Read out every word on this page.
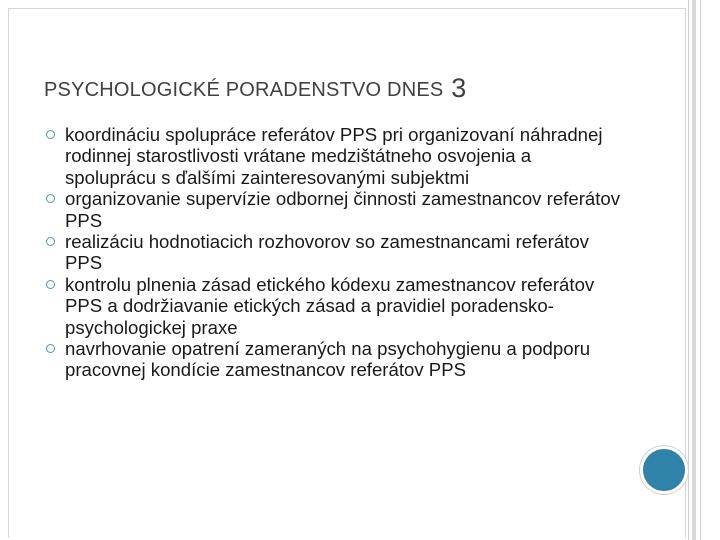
PSYCHOLOGICKÉ PORADENSTVO DNES 3
koordináciu spolupráce referátov PPS pri organizovaní náhradnej rodinnej starostlivosti vrátane medzištátneho osvojenia a spoluprácu s ďalšími zainteresovanými subjektmi
organizovanie supervízie odbornej činnosti zamestnancov referátov PPS
realizáciu hodnotiacich rozhovorov so zamestnancami referátov PPS
kontrolu plnenia zásad etického kódexu zamestnancov referátov PPS a dodržiavanie etických zásad a pravidiel poradensko-psychologickej praxe
navrhovanie opatrení zameraných na psychohygienu a podporu pracovnej kondície zamestnancov referátov PPS
